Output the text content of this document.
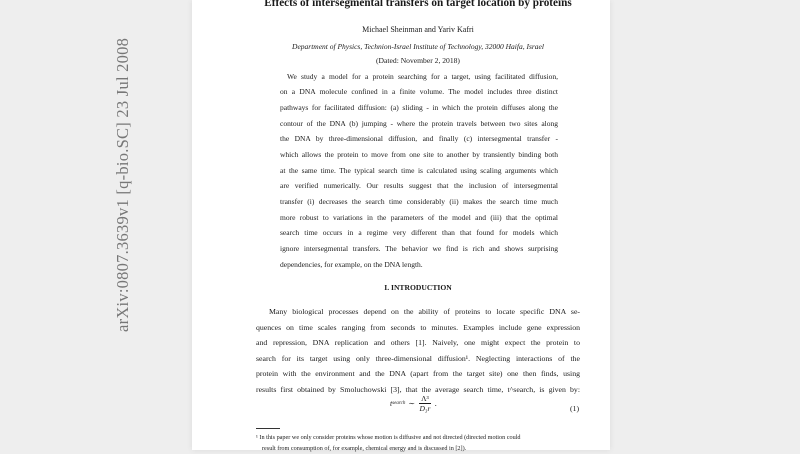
arXiv:0807.3639v1 [q-bio.SC] 23 Jul 2008
Effects of intersegmental transfers on target location by proteins
Michael Sheinman and Yariv Kafri
Department of Physics, Technion-Israel Institute of Technology, 32000 Haifa, Israel
(Dated: November 2, 2018)
We study a model for a protein searching for a target, using facilitated diffusion,
on a DNA molecule confined in a finite volume. The model includes three distinct
pathways for facilitated diffusion: (a) sliding - in which the protein diffuses along the
contour of the DNA (b) jumping - where the protein travels between two sites along
the DNA by three-dimensional diffusion, and finally (c) intersegmental transfer -
which allows the protein to move from one site to another by transiently binding both
at the same time. The typical search time is calculated using scaling arguments which
are verified numerically. Our results suggest that the inclusion of intersegmental
transfer (i) decreases the search time considerably (ii) makes the search time much
more robust to variations in the parameters of the model and (iii) that the optimal
search time occurs in a regime very different than that found for models which
ignore intersegmental transfers. The behavior we find is rich and shows surprising
dependencies, for example, on the DNA length.
I. INTRODUCTION
Many biological processes depend on the ability of proteins to locate specific DNA se-
quences on time scales ranging from seconds to minutes. Examples include gene expression
and repression, DNA replication and others [1]. Naively, one might expect the protein to
search for its target using only three-dimensional diffusion¹. Neglecting interactions of the
protein with the environment and the DNA (apart from the target site) one then finds, using
results first obtained by Smoluchowski [3], that the average search time, t^search, is given by:
t search ∼ $\frac{\text{Λ³}}{\text{D₃r}}$ .
(1)
¹ In this paper we only consider proteins whose motion is diffusive and not directed (directed motion could
result from consumption of, for example, chemical energy and is discussed in [2]).
